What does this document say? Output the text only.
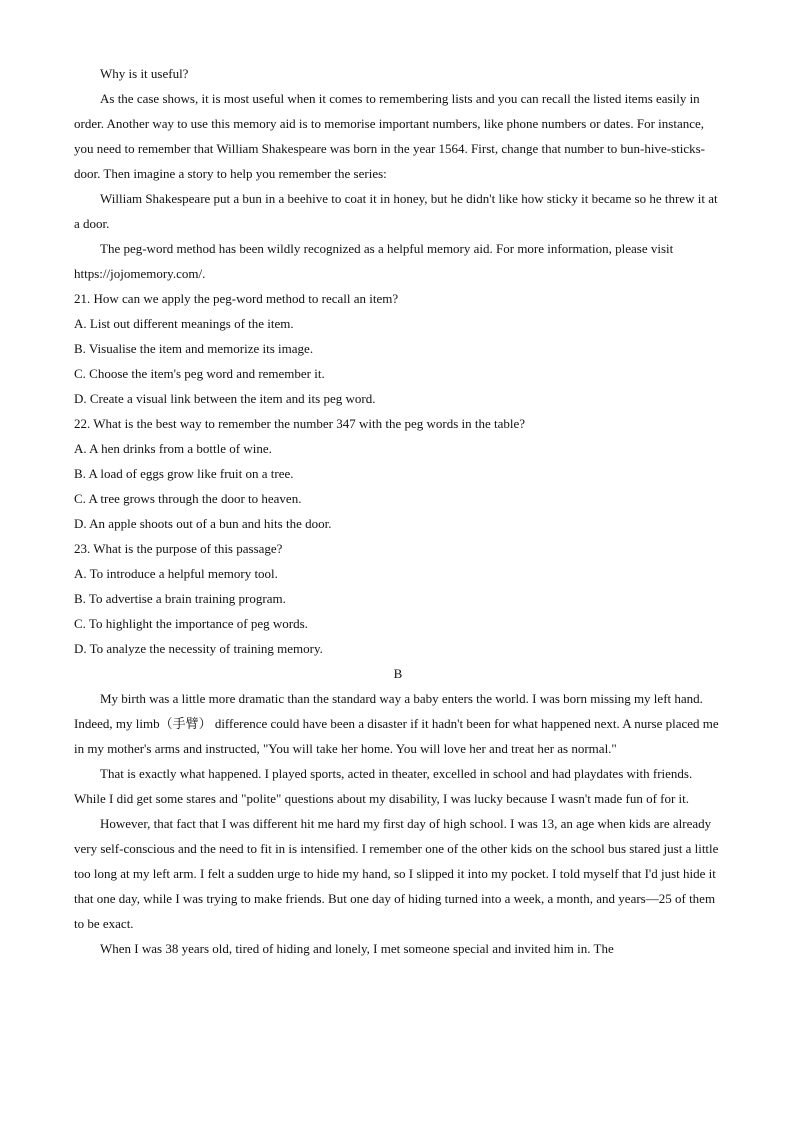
Why is it useful?

As the case shows, it is most useful when it comes to remembering lists and you can recall the listed items easily in order. Another way to use this memory aid is to memorise important numbers, like phone numbers or dates. For instance, you need to remember that William Shakespeare was born in the year 1564. First, change that number to bun-hive-sticks-door. Then imagine a story to help you remember the series:

William Shakespeare put a bun in a beehive to coat it in honey, but he didn't like how sticky it became so he threw it at a door.

The peg-word method has been wildly recognized as a helpful memory aid. For more information, please visit https://jojomemory.com/.

21. How can we apply the peg-word method to recall an item?

A. List out different meanings of the item.

B. Visualise the item and memorize its image.

C. Choose the item's peg word and remember it.

D. Create a visual link between the item and its peg word.

22. What is the best way to remember the number 347 with the peg words in the table?

A. A hen drinks from a bottle of wine.

B. A load of eggs grow like fruit on a tree.

C. A tree grows through the door to heaven.

D. An apple shoots out of a bun and hits the door.

23. What is the purpose of this passage?

A. To introduce a helpful memory tool.

B. To advertise a brain training program.

C. To highlight the importance of peg words.

D. To analyze the necessity of training memory.

B

My birth was a little more dramatic than the standard way a baby enters the world. I was born missing my left hand. Indeed, my limb（手臂） difference could have been a disaster if it hadn't been for what happened next. A nurse placed me in my mother's arms and instructed, "You will take her home. You will love her and treat her as normal."

That is exactly what happened. I played sports, acted in theater, excelled in school and had playdates with friends. While I did get some stares and "polite" questions about my disability, I was lucky because I wasn't made fun of for it.

However, that fact that I was different hit me hard my first day of high school. I was 13, an age when kids are already very self-conscious and the need to fit in is intensified. I remember one of the other kids on the school bus stared just a little too long at my left arm. I felt a sudden urge to hide my hand, so I slipped it into my pocket. I told myself that I'd just hide it that one day, while I was trying to make friends. But one day of hiding turned into a week, a month, and years—25 of them to be exact.

When I was 38 years old, tired of hiding and lonely, I met someone special and invited him in. The
